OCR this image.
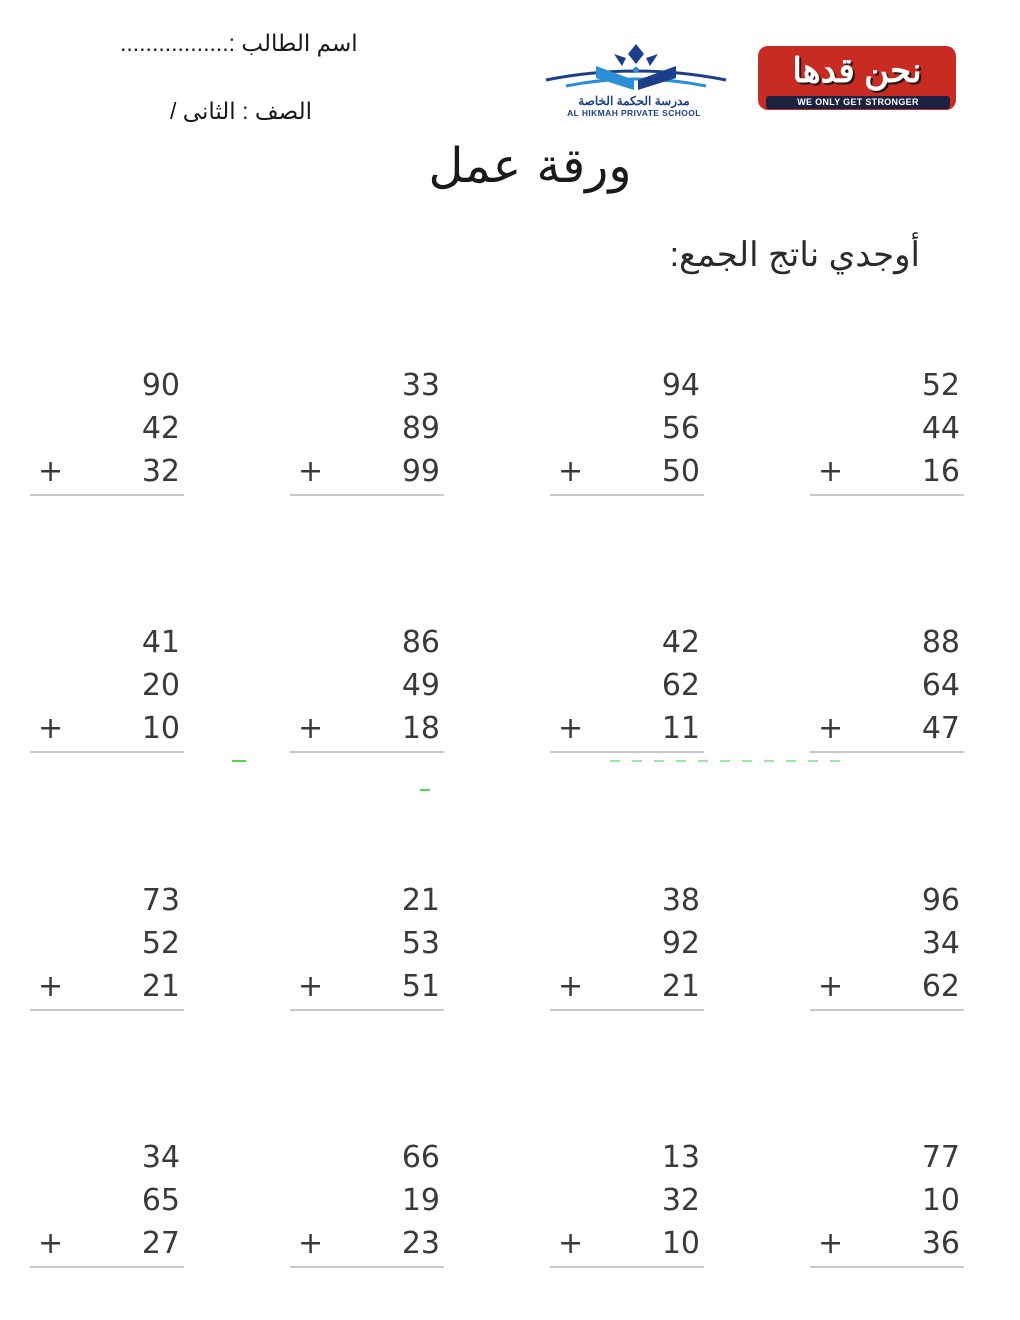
اسم الطالب :.................
الصف : الثانى /
ورقة عمل
أوجدي ناتج الجمع:
مدرسة الحكمة الخاصة
AL HIKMAH PRIVATE SCHOOL
نحن قدها
WE ONLY GET STRONGER
90
42
32
+
33
89
99
+
94
56
50
+
52
44
16
+
41
20
10
+
86
49
18
+
42
62
11
+
88
64
47
+
73
52
21
+
21
53
51
+
38
92
21
+
96
34
62
+
34
65
27
+
66
19
23
+
13
32
10
+
77
10
36
+
